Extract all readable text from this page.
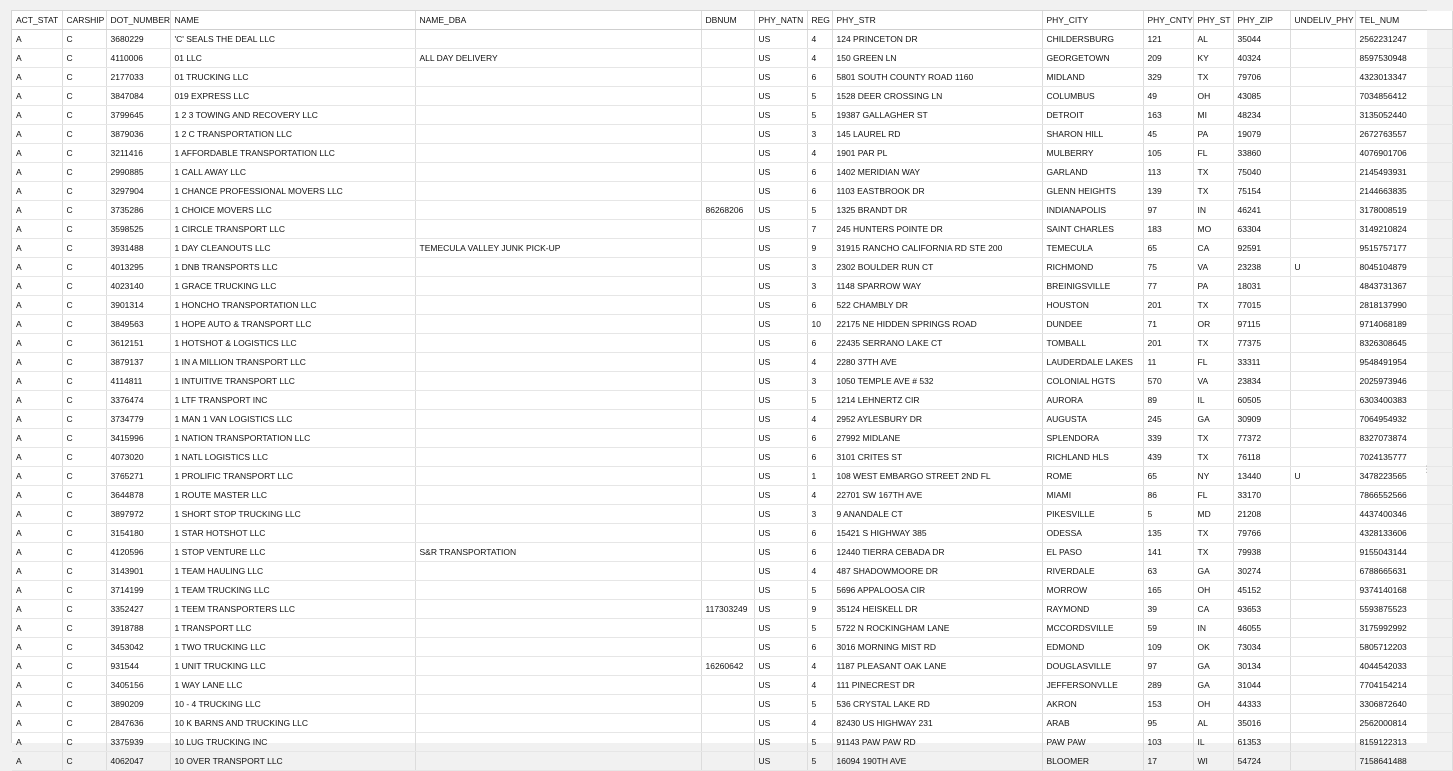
ACT_STAT	CARSHIP	DOT_NUMBER	NAME	NAME_DBA	DBNUM	PHY_NATN	REG	PHY_STR	PHY_CITY	PHY_CNTY	PHY_ST	PHY_ZIP	UNDELIV_PHY	TEL_NUM
A	C	3680229	'C' SEALS THE DEAL LLC			US	4	124 PRINCETON DR	CHILDERSBURG	121	AL	35044		2562231247
A	C	4110006	01 LLC	ALL DAY DELIVERY		US	4	150 GREEN LN	GEORGETOWN	209	KY	40324		8597530948
A	C	2177033	01 TRUCKING LLC			US	6	5801 SOUTH COUNTY ROAD 1160	MIDLAND	329	TX	79706		4323013347
A	C	3847084	019 EXPRESS LLC			US	5	1528 DEER CROSSING LN	COLUMBUS	49	OH	43085		7034856412
A	C	3799645	1 2 3 TOWING AND RECOVERY LLC			US	5	19387 GALLAGHER ST	DETROIT	163	MI	48234		3135052440
A	C	3879036	1 2 C TRANSPORTATION LLC			US	3	145 LAUREL RD	SHARON HILL	45	PA	19079		2672763557
A	C	3211416	1 AFFORDABLE TRANSPORTATION LLC			US	4	1901 PAR PL	MULBERRY	105	FL	33860		4076901706
A	C	2990885	1 CALL AWAY LLC			US	6	1402 MERIDIAN WAY	GARLAND	113	TX	75040		2145493931
A	C	3297904	1 CHANCE PROFESSIONAL MOVERS LLC			US	6	1103 EASTBROOK DR	GLENN HEIGHTS	139	TX	75154		2144663835
A	C	3735286	1 CHOICE MOVERS LLC		86268206	US	5	1325 BRANDT DR	INDIANAPOLIS	97	IN	46241		3178008519
A	C	3598525	1 CIRCLE TRANSPORT LLC			US	7	245 HUNTERS POINTE DR	SAINT CHARLES	183	MO	63304		3149210824
A	C	3931488	1 DAY CLEANOUTS LLC	TEMECULA VALLEY JUNK PICK-UP		US	9	31915 RANCHO CALIFORNIA RD STE 200	TEMECULA	65	CA	92591		9515757177
A	C	4013295	1 DNB TRANSPORTS LLC			US	3	2302 BOULDER RUN CT	RICHMOND	75	VA	23238	U	8045104879
A	C	4023140	1 GRACE TRUCKING LLC			US	3	1148 SPARROW WAY	BREINIGSVILLE	77	PA	18031		4843731367
A	C	3901314	1 HONCHO TRANSPORTATION LLC			US	6	522 CHAMBLY DR	HOUSTON	201	TX	77015		2818137990
A	C	3849563	1 HOPE AUTO & TRANSPORT LLC			US	10	22175 NE HIDDEN SPRINGS ROAD	DUNDEE	71	OR	97115		9714068189
A	C	3612151	1 HOTSHOT & LOGISTICS LLC			US	6	22435 SERRANO LAKE CT	TOMBALL	201	TX	77375		8326308645
A	C	3879137	1 IN A MILLION TRANSPORT LLC			US	4	2280 37TH AVE	LAUDERDALE LAKES	11	FL	33311		9548491954
A	C	4114811	1 INTUITIVE TRANSPORT LLC			US	3	1050 TEMPLE AVE # 532	COLONIAL HGTS	570	VA	23834		2025973946
A	C	3376474	1 LTF TRANSPORT INC			US	5	1214 LEHNERTZ CIR	AURORA	89	IL	60505		6303400383
A	C	3734779	1 MAN 1 VAN LOGISTICS LLC			US	4	2952 AYLESBURY DR	AUGUSTA	245	GA	30909		7064954932
A	C	3415996	1 NATION TRANSPORTATION LLC			US	6	27992 MIDLANE	SPLENDORA	339	TX	77372		8327073874
A	C	4073020	1 NATL LOGISTICS LLC			US	6	3101 CRITES ST	RICHLAND HLS	439	TX	76118		7024135777
A	C	3765271	1 PROLIFIC TRANSPORT LLC			US	1	108 WEST EMBARGO STREET 2ND FL	ROME	65	NY	13440	U	3478223565
A	C	3644878	1 ROUTE MASTER LLC			US	4	22701 SW 167TH AVE	MIAMI	86	FL	33170		7866552566
A	C	3897972	1 SHORT STOP TRUCKING LLC			US	3	9 ANANDALE CT	PIKESVILLE	5	MD	21208		4437400346
A	C	3154180	1 STAR HOTSHOT LLC			US	6	15421 S HIGHWAY 385	ODESSA	135	TX	79766		4328133606
A	C	4120596	1 STOP VENTURE LLC	S&R TRANSPORTATION		US	6	12440 TIERRA CEBADA DR	EL PASO	141	TX	79938		9155043144
A	C	3143901	1 TEAM HAULING LLC			US	4	487 SHADOWMOORE DR	RIVERDALE	63	GA	30274		6788665631
A	C	3714199	1 TEAM TRUCKING LLC			US	5	5696 APPALOOSA CIR	MORROW	165	OH	45152		9374140168
A	C	3352427	1 TEEM TRANSPORTERS LLC		117303249	US	9	35124 HEISKELL DR	RAYMOND	39	CA	93653		5593875523
A	C	3918788	1 TRANSPORT LLC			US	5	5722 N ROCKINGHAM LANE	MCCORDSVILLE	59	IN	46055		3175992992
A	C	3453042	1 TWO TRUCKING LLC			US	6	3016 MORNING MIST RD	EDMOND	109	OK	73034		5805712203
A	C	931544	1 UNIT TRUCKING LLC		16260642	US	4	1187 PLEASANT OAK LANE	DOUGLASVILLE	97	GA	30134		4044542033
A	C	3405156	1 WAY LANE LLC			US	4	111 PINECREST DR	JEFFERSONVLLE	289	GA	31044		7704154214
A	C	3890209	10 - 4 TRUCKING LLC			US	5	536 CRYSTAL LAKE RD	AKRON	153	OH	44333		3306872640
A	C	2847636	10 K BARNS AND TRUCKING LLC			US	4	82430 US HIGHWAY 231	ARAB	95	AL	35016		2562000814
A	C	3375939	10 LUG TRUCKING INC			US	5	91143 PAW PAW RD	PAW PAW	103	IL	61353		8159122313
A	C	4062047	10 OVER TRANSPORT LLC			US	5	16094 190TH AVE	BLOOMER	17	WI	54724		7158641488
⋮
